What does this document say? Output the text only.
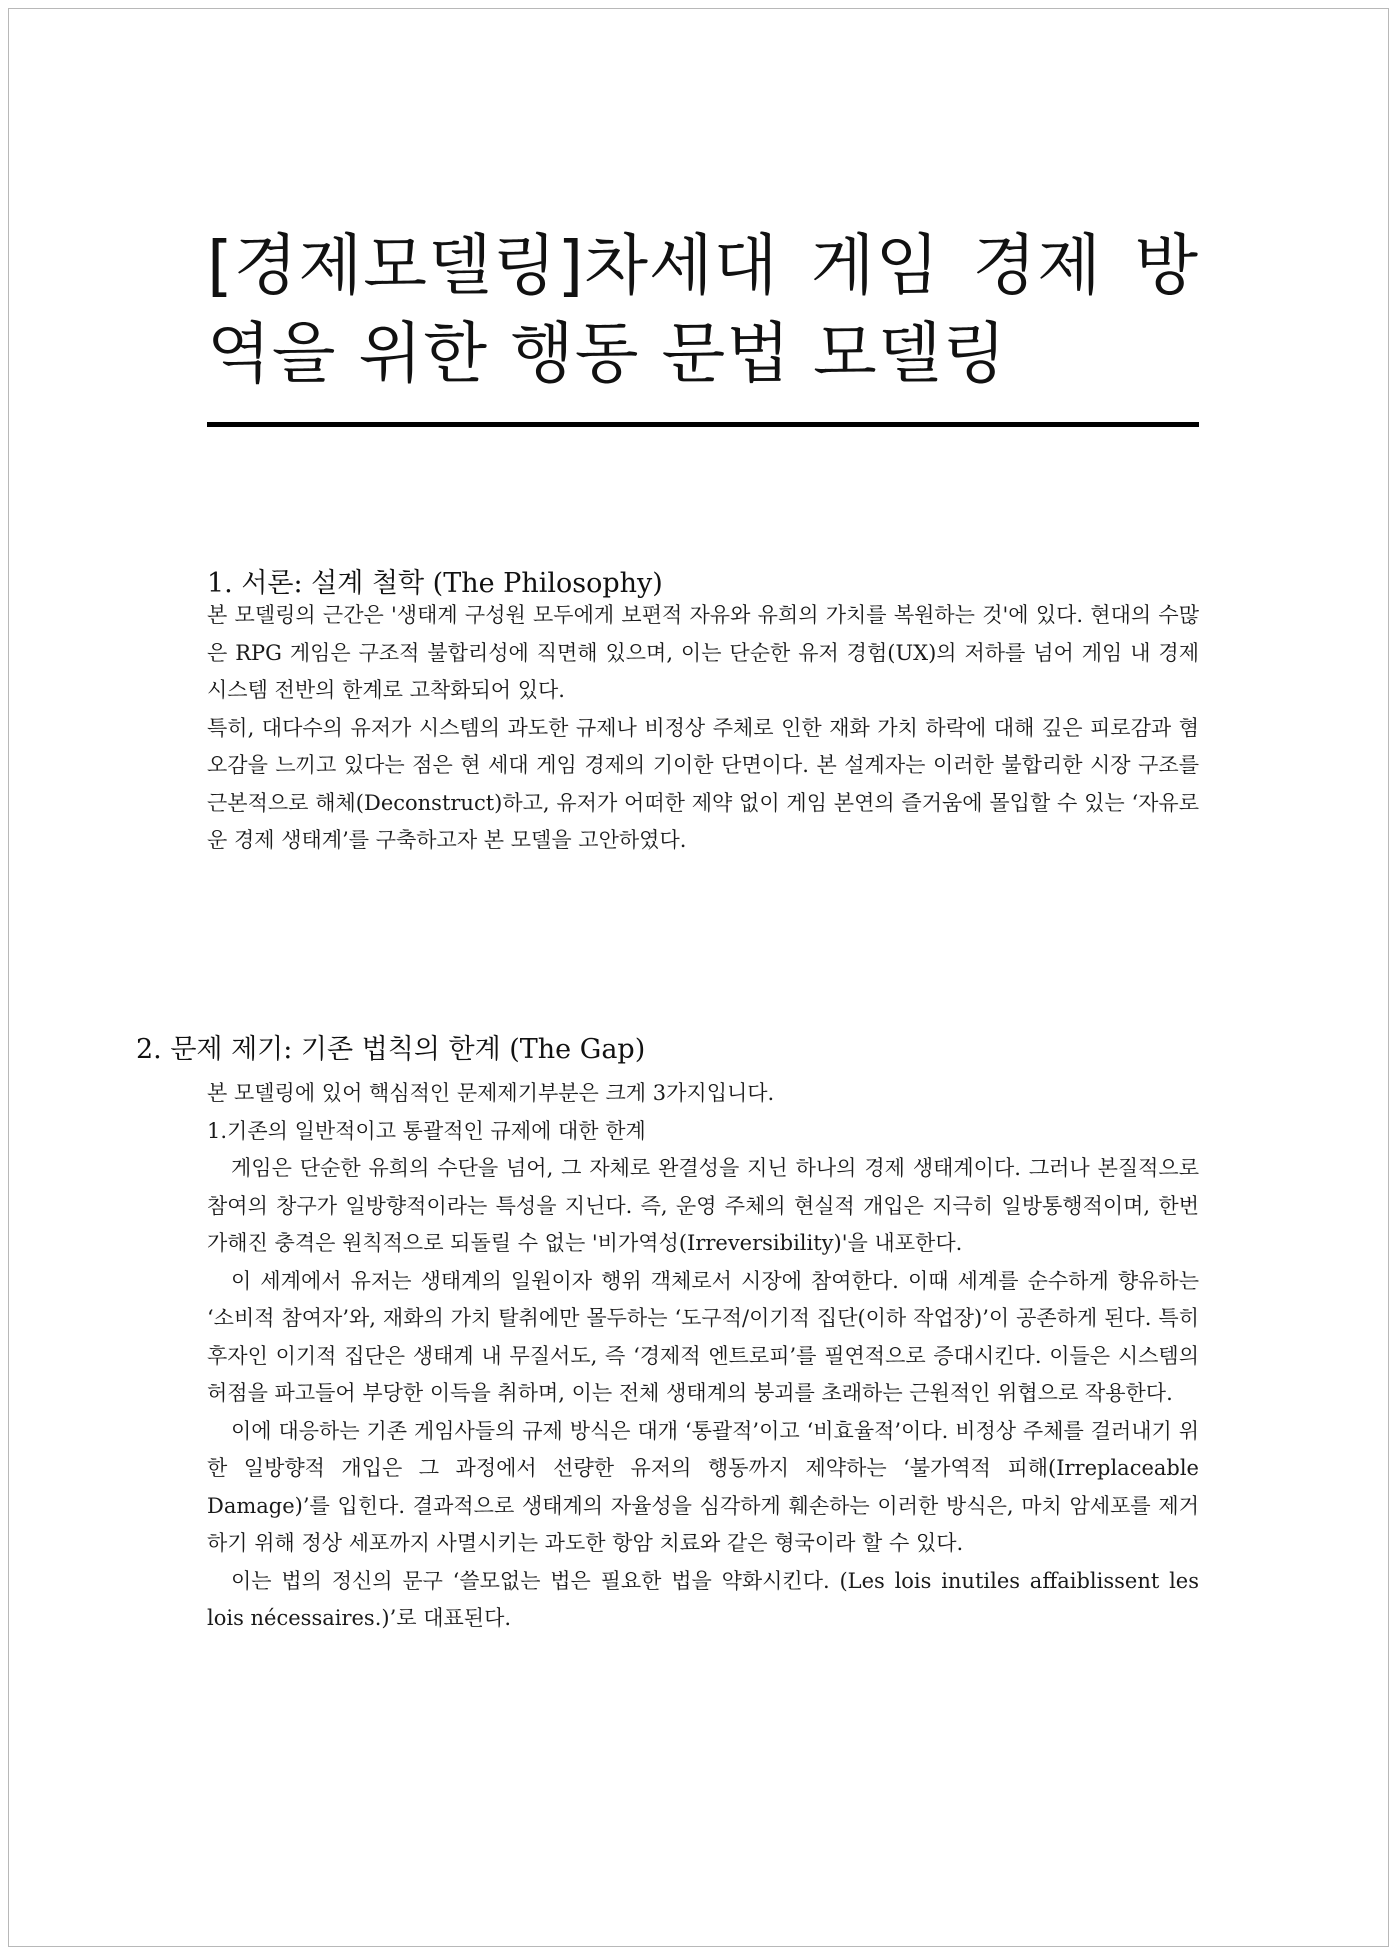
[경제모델링]차세대 게임 경제 방역을 위한 행동 문법 모델링
1. 서론: 설계 철학 (The Philosophy)

본 모델링의 근간은 '생태계 구성원 모두에게 보편적 자유와 유희의 가치를 복원하는 것'에 있다. 현대의 수많은 RPG 게임은 구조적 불합리성에 직면해 있으며, 이는 단순한 유저 경험(UX)의 저하를 넘어 게임 내 경제 시스템 전반의 한계로 고착화되어 있다.

특히, 대다수의 유저가 시스템의 과도한 규제나 비정상 주체로 인한 재화 가치 하락에 대해 깊은 피로감과 혐오감을 느끼고 있다는 점은 현 세대 게임 경제의 기이한 단면이다. 본 설계자는 이러한 불합리한 시장 구조를 근본적으로 해체(Deconstruct)하고, 유저가 어떠한 제약 없이 게임 본연의 즐거움에 몰입할 수 있는 ‘자유로운 경제 생태계’를 구축하고자 본 모델을 고안하였다.

2. 문제 제기: 기존 법칙의 한계 (The Gap)

본 모델링에 있어 핵심적인 문제제기부분은 크게 3가지입니다.

1.기존의 일반적이고 통괄적인 규제에 대한 한계

게임은 단순한 유희의 수단을 넘어, 그 자체로 완결성을 지닌 하나의 경제 생태계이다. 그러나 본질적으로 참여의 창구가 일방향적이라는 특성을 지닌다. 즉, 운영 주체의 현실적 개입은 지극히 일방통행적이며, 한번 가해진 충격은 원칙적으로 되돌릴 수 없는 '비가역성(Irreversibility)'을 내포한다.

이 세계에서 유저는 생태계의 일원이자 행위 객체로서 시장에 참여한다. 이때 세계를 순수하게 향유하는 ‘소비적 참여자’와, 재화의 가치 탈취에만 몰두하는 ‘도구적/이기적 집단(이하 작업장)’이 공존하게 된다. 특히 후자인 이기적 집단은 생태계 내 무질서도, 즉 ‘경제적 엔트로피’를 필연적으로 증대시킨다. 이들은 시스템의 허점을 파고들어 부당한 이득을 취하며, 이는 전체 생태계의 붕괴를 초래하는 근원적인 위협으로 작용한다.

이에 대응하는 기존 게임사들의 규제 방식은 대개 ‘통괄적’이고 ‘비효율적’이다. 비정상 주체를 걸러내기 위한 일방향적 개입은 그 과정에서 선량한 유저의 행동까지 제약하는 ‘불가역적 피해(Irreplaceable Damage)’를 입힌다. 결과적으로 생태계의 자율성을 심각하게 훼손하는 이러한 방식은, 마치 암세포를 제거하기 위해 정상 세포까지 사멸시키는 과도한 항암 치료와 같은 형국이라 할 수 있다.

이는 법의 정신의 문구 ‘쓸모없는 법은 필요한 법을 약화시킨다. (Les lois inutiles affaiblissent les lois nécessaires.)’로 대표된다.
